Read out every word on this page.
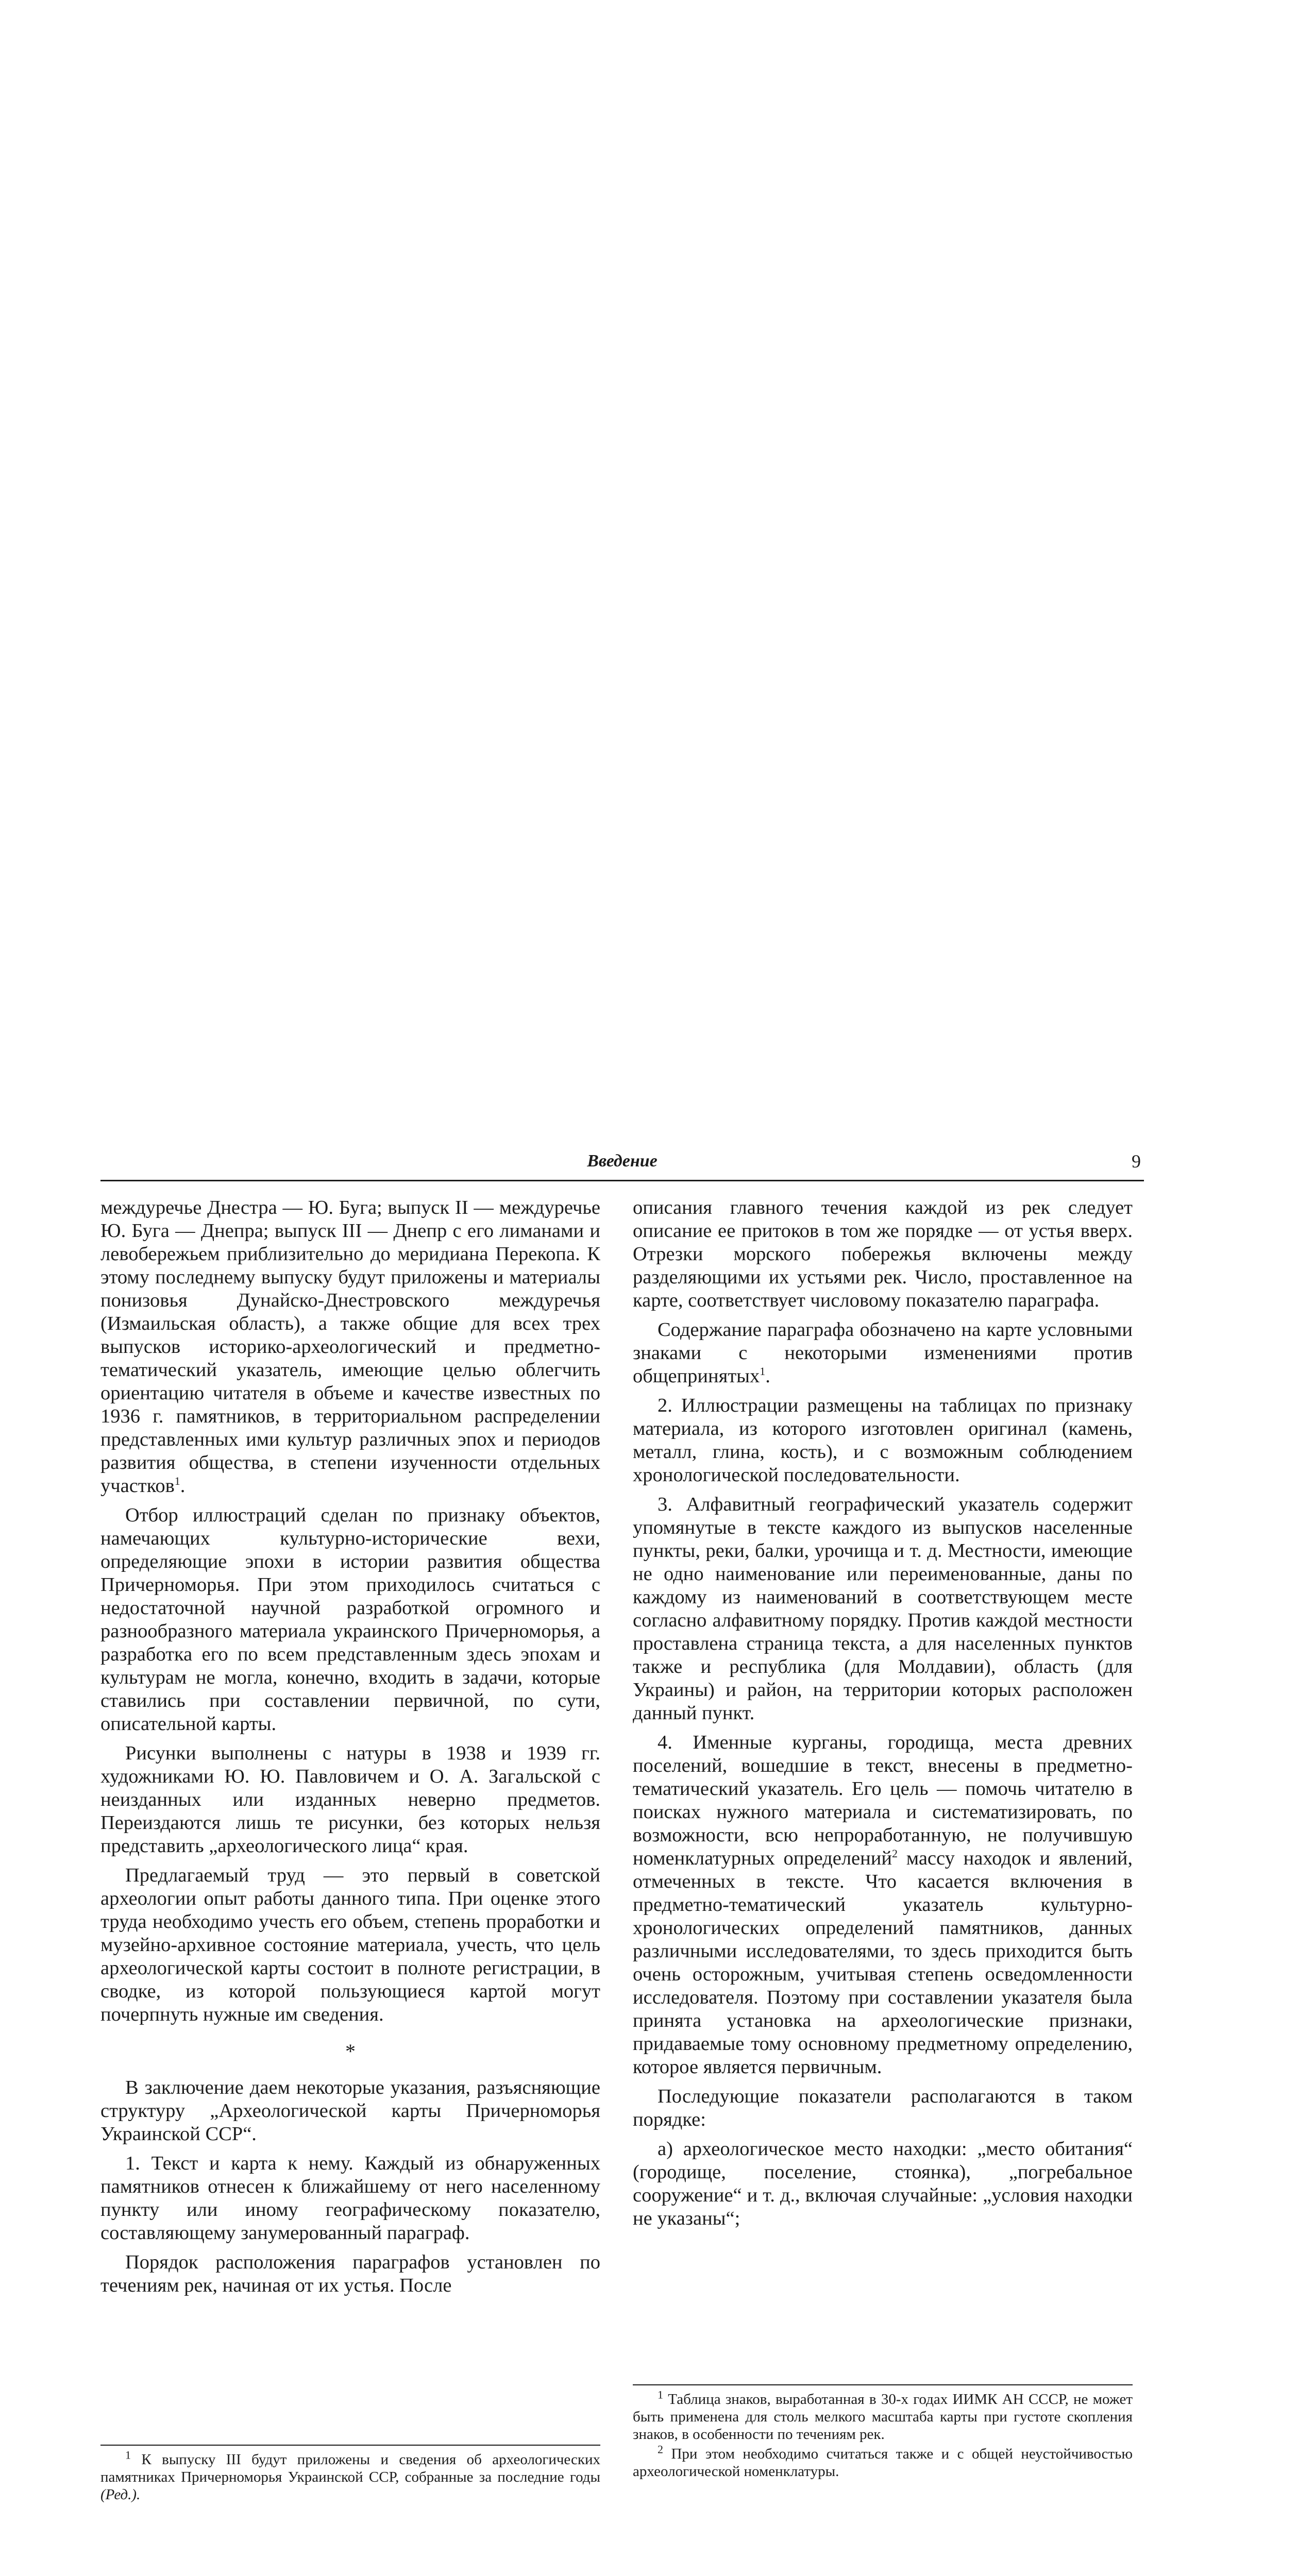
Введение	9

междуречье Днестра — Ю. Буга; выпуск II — междуречье Ю. Буга — Днепра; выпуск III — Днепр с его лиманами и левобережьем приблизительно до меридиана Перекопа. К этому последнему выпуску будут приложены и материалы понизовья Дунайско-Днестровского междуречья (Измаильская область), а также общие для всех трех выпусков историко-археологический и предметно-тематический указатель, имеющие целью облегчить ориентацию читателя в объеме и качестве известных по 1936 г. памятников, в территориальном распределении представленных ими культур различных эпох и периодов развития общества, в степени изученности отдельных участков$^1$.

Отбор иллюстраций сделан по признаку объектов, намечающих культурно-исторические вехи, определяющие эпохи в истории развития общества Причерноморья. При этом приходилось считаться с недостаточной научной разработкой огромного и разнообразного материала украинского Причерноморья, а разработка его по всем представленным здесь эпохам и культурам не могла, конечно, входить в задачи, которые ставились при составлении первичной, по сути, описательной карты.

Рисунки выполнены с натуры в 1938 и 1939 гг. художниками Ю. Ю. Павловичем и О. А. Загальской с неизданных или изданных неверно предметов. Переиздаются лишь те рисунки, без которых нельзя представить „археологического лица“ края.

Предлагаемый труд — это первый в советской археологии опыт работы данного типа. При оценке этого труда необходимо учесть его объем, степень проработки и музейно-архивное состояние материала, учесть, что цель археологической карты состоит в полноте регистрации, в сводке, из которой пользующиеся картой могут почерпнуть нужные им сведения.

*

В заключение даем некоторые указания, разъясняющие структуру „Археологической карты Причерноморья Украинской ССР“.

1. Текст и карта к нему. Каждый из обнаруженных памятников отнесен к ближайшему от него населенному пункту или иному географическому показателю, составляющему занумерованный параграф.

Порядок расположения параграфов установлен по течениям рек, начиная от их устья. После

описания главного течения каждой из рек следует описание ее притоков в том же порядке — от устья вверх. Отрезки морского побережья включены между разделяющими их устьями рек. Число, проставленное на карте, соответствует числовому показателю параграфа.

Содержание параграфа обозначено на карте условными знаками с некоторыми изменениями против общепринятых$^1$.

2. Иллюстрации размещены на таблицах по признаку материала, из которого изготовлен оригинал (камень, металл, глина, кость), и с возможным соблюдением хронологической последовательности.

3. Алфавитный географический указатель содержит упомянутые в тексте каждого из выпусков населенные пункты, реки, балки, урочища и т. д. Местности, имеющие не одно наименование или переименованные, даны по каждому из наименований в соответствующем месте согласно алфавитному порядку. Против каждой местности проставлена страница текста, а для населенных пунктов также и республика (для Молдавии), область (для Украины) и район, на территории которых расположен данный пункт.

4. Именные курганы, городища, места древних поселений, вошедшие в текст, внесены в предметно-тематический указатель. Его цель — помочь читателю в поисках нужного материала и систематизировать, по возможности, всю непроработанную, не получившую номенклатурных определений$^2$ массу находок и явлений, отмеченных в тексте. Что касается включения в предметно-тематический указатель культурно-хронологических определений памятников, данных различными исследователями, то здесь приходится быть очень осторожным, учитывая степень осведомленности исследователя. Поэтому при составлении указателя была принята установка на археологические признаки, придаваемые тому основному предметному определению, которое является первичным.

Последующие показатели располагаются в таком порядке:

а) археологическое место находки: „место обитания“ (городище, поселение, стоянка), „погребальное сооружение“ и т. д., включая случайные: „условия находки не указаны“;

$^1$ К выпуску III будут приложены и сведения об археологических памятниках Причерноморья Украинской ССР, собранные за последние годы (Ред.).

$^1$ Таблица знаков, выработанная в 30-х годах ИИМК АН СССР, не может быть применена для столь мелкого масштаба карты при густоте скопления знаков, в особенности по течениям рек.

$^2$ При этом необходимо считаться также и с общей неустойчивостью археологической номенклатуры.
